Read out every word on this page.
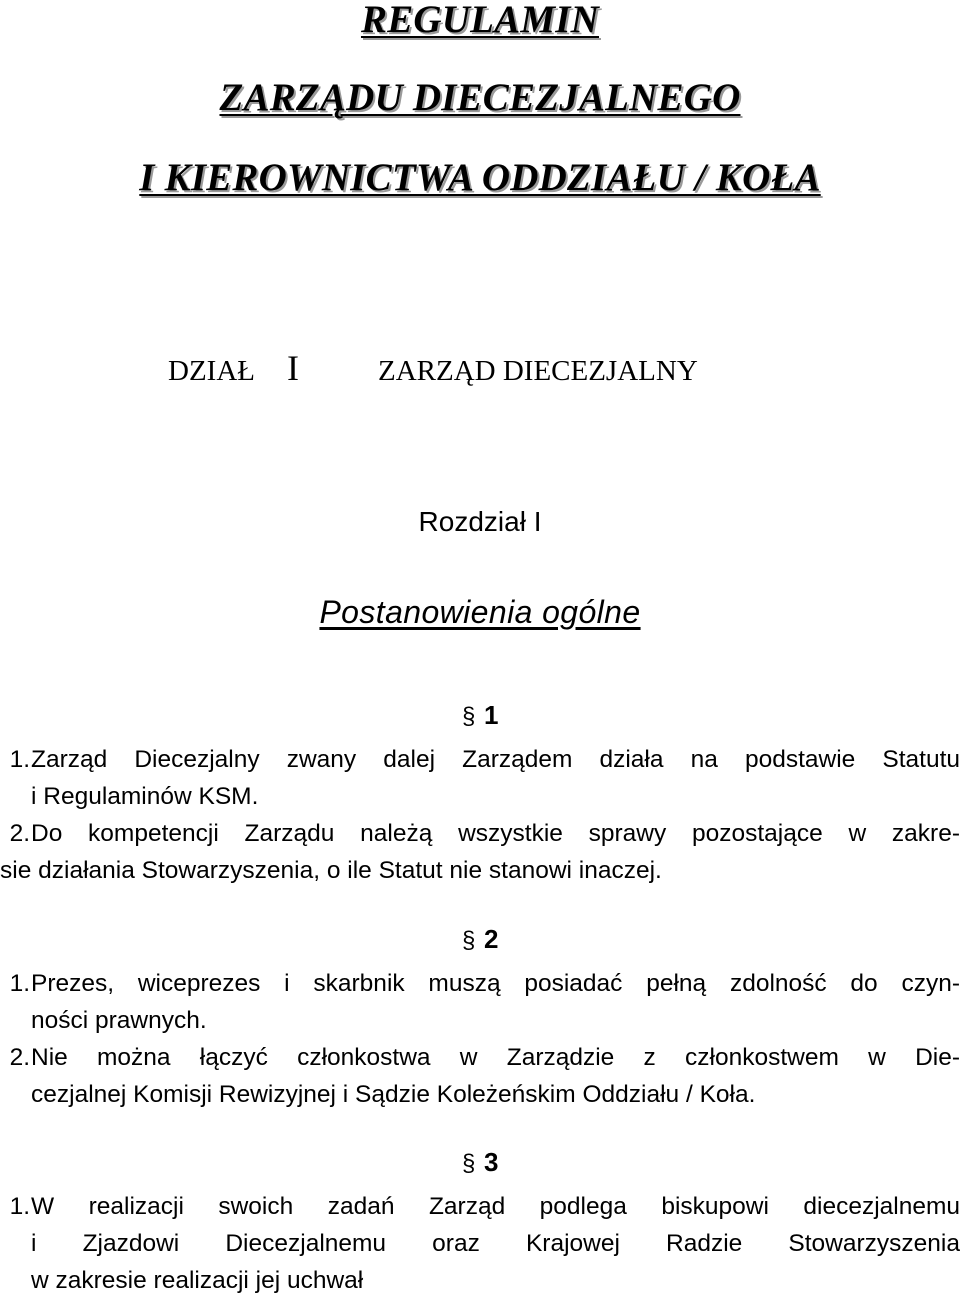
REGULAMIN
ZARZĄDU DIECEZJALNEGO
I KIEROWNICTWA ODDZIAŁU / KOŁA
DZIAŁ I	ZARZĄD DIECEZJALNY
Rozdział I
Postanowienia ogólne
§ 1
1. Zarząd Diecezjalny zwany dalej Zarządem działa na podstawie Statutu
i Regulaminów KSM.
2. Do kompetencji Zarządu należą wszystkie sprawy pozostające w zakre-
sie działania Stowarzyszenia, o ile Statut nie stanowi inaczej.
§ 2
1. Prezes, wiceprezes i skarbnik muszą posiadać pełną zdolność do czyn-
ności prawnych.
2. Nie można łączyć członkostwa w Zarządzie z członkostwem w Die-
cezjalnej Komisji Rewizyjnej i Sądzie Koleżeńskim Oddziału / Koła.
§ 3
1. W realizacji swoich zadań Zarząd podlega biskupowi diecezjalnemu
i Zjazdowi Diecezjalnemu oraz Krajowej Radzie Stowarzyszenia
w zakresie realizacji jej uchwał
